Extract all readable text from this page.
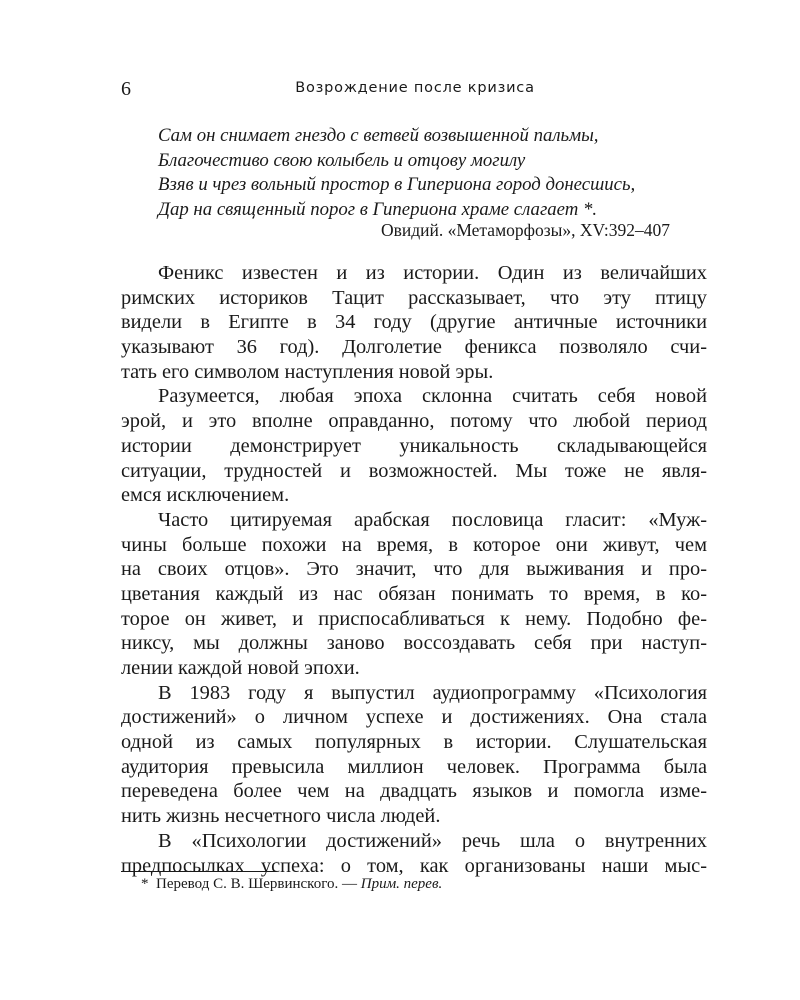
6	Возрождение после кризиса
Сам он снимает гнездо с ветвей возвышенной пальмы,
Благочестиво свою колыбель и отцову могилу
Взяв и чрез вольный простор в Гипериона город донесшись,
Дар на священный порог в Гипериона храме слагает *.
Овидий. «Метаморфозы», XV:392–407
Феникс известен и из истории. Один из величайших
римских историков Тацит рассказывает, что эту птицу
видели в Египте в 34 году (другие античные источники
указывают 36 год). Долголетие феникса позволяло счи-
тать его символом наступления новой эры.
Разумеется, любая эпоха склонна считать себя новой
эрой, и это вполне оправданно, потому что любой период
истории демонстрирует уникальность складывающейся
ситуации, трудностей и возможностей. Мы тоже не явля-
емся исключением.
Часто цитируемая арабская пословица гласит: «Муж-
чины больше похожи на время, в которое они живут, чем
на своих отцов». Это значит, что для выживания и про-
цветания каждый из нас обязан понимать то время, в ко-
торое он живет, и приспосабливаться к нему. Подобно фе-
никсу, мы должны заново воссоздавать себя при наступ-
лении каждой новой эпохи.
В 1983 году я выпустил аудиопрограмму «Психология
достижений» о личном успехе и достижениях. Она стала
одной из самых популярных в истории. Слушательская
аудитория превысила миллион человек. Программа была
переведена более чем на двадцать языков и помогла изме-
нить жизнь несчетного числа людей.
В «Психологии достижений» речь шла о внутренних
предпосылках успеха: о том, как организованы наши мыс-
* Перевод С. В. Шервинского. — Прим. перев.
